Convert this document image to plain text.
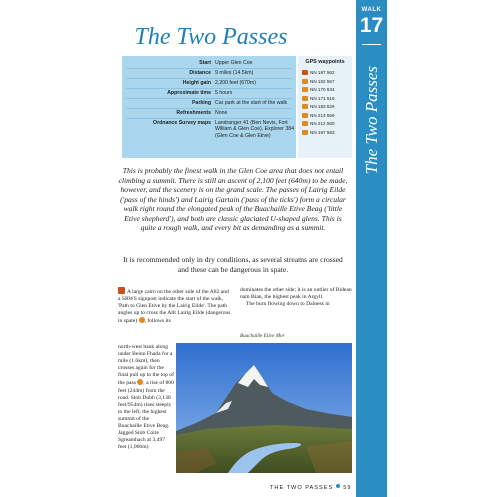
WALK
17
The Two Passes
The Two Passes
Start Upper Glen Coe
Distance 9 miles (14.5km)
Height gain 2,200 feet (670m)
Approximate time 5 hours
Parking Car park at the start of the walk
Refreshments None
Ordnance Survey maps Landranger 41 (Ben Nevis, Fort William & Glen Coe), Explorer 384 (Glen Coe & Glen Etive)
GPS waypoints
NN 187 562
NN 182 557
NN 170 534
NN 171 516
NN 183 529
NN 213 559
NN 212 560
NN 197 563
This is probably the finest walk in the Glen Coe area that does not entail climbing a summit. There is still an ascent of 2,100 feet (640m) to be made, however, and the scenery is on the grand scale. The passes of Lairig Eilde ('pass of the hinds') and Lairig Gartain ('pass of the ticks') form a circular walk right round the elongated peak of the Buachaille Etive Beag ('little Etive shepherd'), and both are classic glaciated U-shaped glens. This is quite a rough walk, and every bit as demanding as a summit.
It is recommended only in dry conditions, as several streams are crossed and these can be dangerous in spate.
A large cairn on the other side of the A82 and a SRWS signpost indicate the start of the walk, 'Path to Glen Etive by the Lairig Eilde'. The path angles up to cross the Allt Lairig Eilde (dangerous in spate) , follows its
north-west bank along under Beinn Fhada for a mile (1.6km), then crosses again for the final pull up to the top of the pass , a rise of 800 feet (244m) from the road. Stob Dubh (3,130 feet/954m) rises steeply to the left, the highest summit of the Buachaille Etive Beag. Jagged Stob Coire Sgreamhach at 3,497 feet (1,066m)
dominates the other side; it is an outlier of Bidean nam Bian, the highest peak in Argyll.
The burn flowing down to Dalness in
Buachaille Etive Mor
THE TWO PASSES 59
